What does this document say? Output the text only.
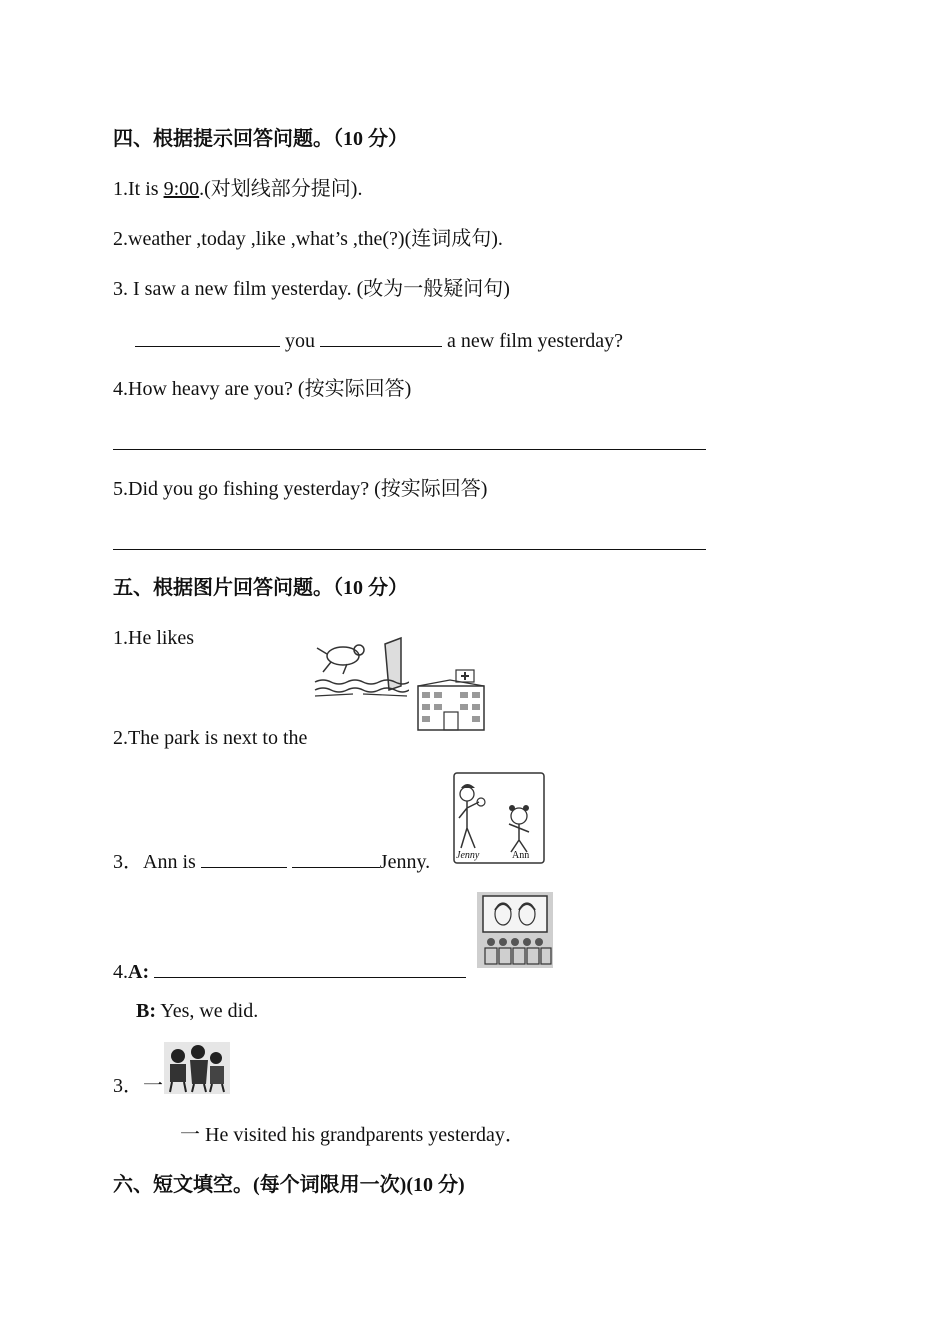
四、根据提示回答问题。（10 分）
1.It is 9:00.(对划线部分提问).
2.weather ,today ,like ,what’s ,the(?)(连词成句).
3. I saw a new film yesterday. (改为一般疑问句)
you	a new film yesterday?
4.How heavy are you? (按实际回答)
5.Did you go fishing yesterday? (按实际回答)
五、根据图片回答问题。（10 分）
1.He likes
2.The park is next to the
Jenny	Ann
3．Ann is	Jenny.
4.A:
B: Yes, we did.
3．一
一 He visited his grandparents yesterday．
六、短文填空。(每个词限用一次)(10 分)
